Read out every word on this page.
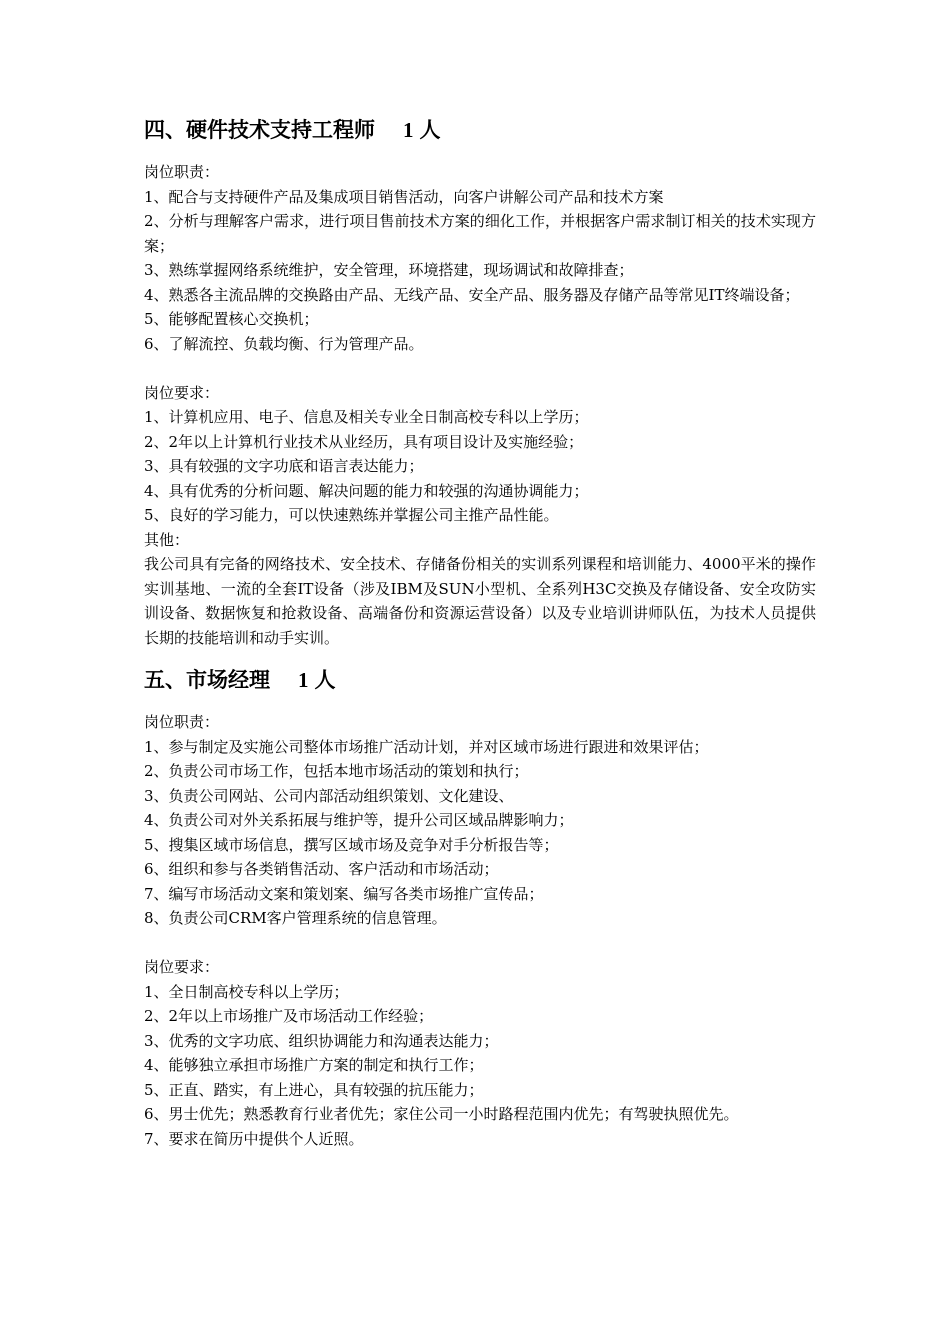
四、硬件技术支持工程师 1 人

岗位职责：

1、配合与支持硬件产品及集成项目销售活动，向客户讲解公司产品和技术方案

2、分析与理解客户需求，进行项目售前技术方案的细化工作，并根据客户需求制订相关的技术实现方案；

3、熟练掌握网络系统维护，安全管理，环境搭建，现场调试和故障排查；

4、熟悉各主流品牌的交换路由产品、无线产品、安全产品、服务器及存储产品等常见IT终端设备；

5、能够配置核心交换机；

6、了解流控、负载均衡、行为管理产品。

岗位要求：

1、计算机应用、电子、信息及相关专业全日制高校专科以上学历；

2、2年以上计算机行业技术从业经历，具有项目设计及实施经验；

3、具有较强的文字功底和语言表达能力；

4、具有优秀的分析问题、解决问题的能力和较强的沟通协调能力；

5、良好的学习能力，可以快速熟练并掌握公司主推产品性能。

其他：

我公司具有完备的网络技术、安全技术、存储备份相关的实训系列课程和培训能力、4000平米的操作实训基地、一流的全套IT设备（涉及IBM及SUN小型机、全系列H3C交换及存储设备、安全攻防实训设备、数据恢复和抢救设备、高端备份和资源运营设备）以及专业培训讲师队伍，为技术人员提供长期的技能培训和动手实训。

五、市场经理 1 人

岗位职责：

1、参与制定及实施公司整体市场推广活动计划，并对区域市场进行跟进和效果评估；

2、负责公司市场工作，包括本地市场活动的策划和执行；

3、负责公司网站、公司内部活动组织策划、文化建设、

4、负责公司对外关系拓展与维护等，提升公司区域品牌影响力；

5、搜集区域市场信息，撰写区域市场及竞争对手分析报告等；

6、组织和参与各类销售活动、客户活动和市场活动；

7、编写市场活动文案和策划案、编写各类市场推广宣传品；

8、负责公司CRM客户管理系统的信息管理。

岗位要求：

1、全日制高校专科以上学历；

2、2年以上市场推广及市场活动工作经验；

3、优秀的文字功底、组织协调能力和沟通表达能力；

4、能够独立承担市场推广方案的制定和执行工作；

5、正直、踏实，有上进心，具有较强的抗压能力；

6、男士优先；熟悉教育行业者优先；家住公司一小时路程范围内优先；有驾驶执照优先。

7、要求在简历中提供个人近照。
